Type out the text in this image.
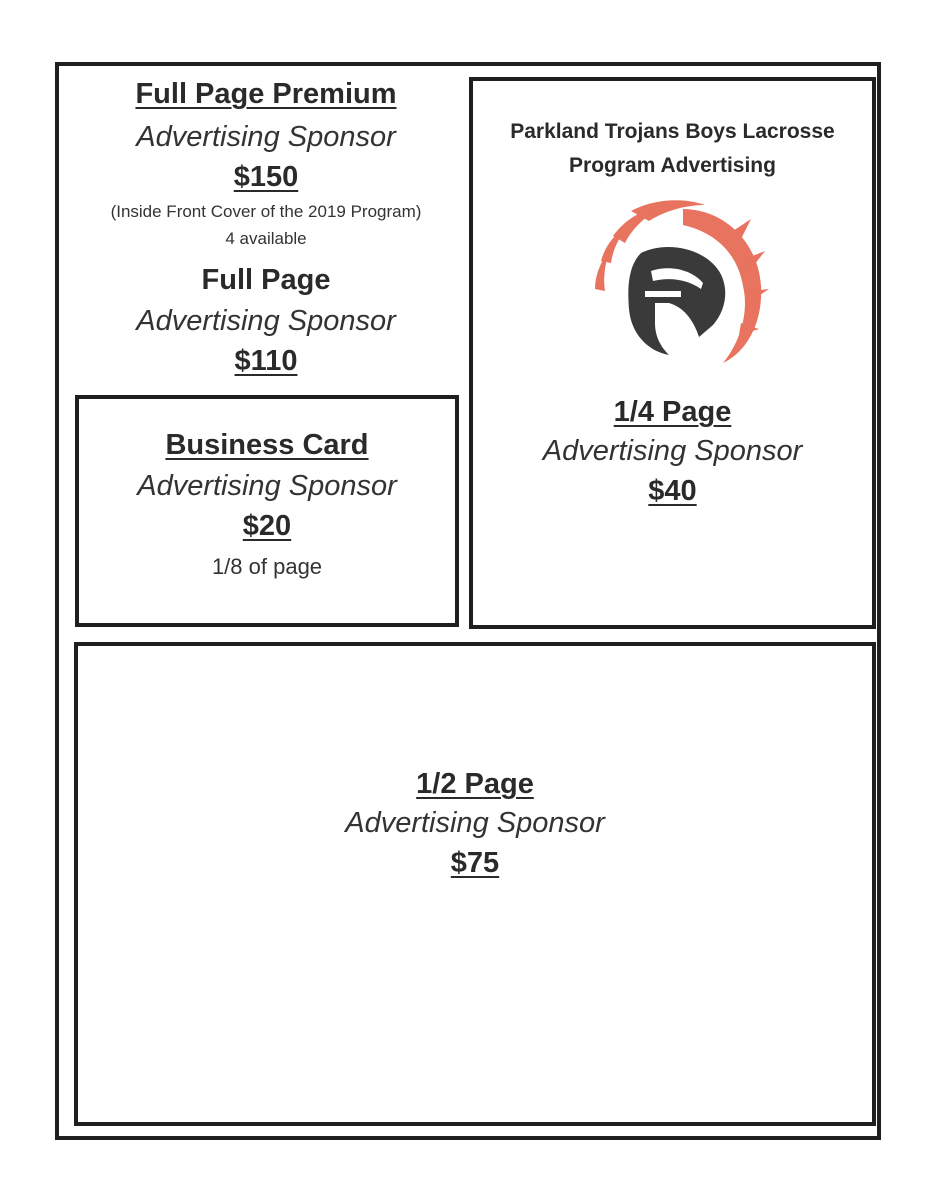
Full Page Premium
Advertising Sponsor
$150
(Inside Front Cover of the 2019 Program)
4 available
Full Page
Advertising Sponsor
$110
Business Card
Advertising Sponsor
$20
1/8 of page
Parkland Trojans Boys Lacrosse
Program Advertising
1/4 Page
Advertising Sponsor
$40
1/2 Page
Advertising Sponsor
$75
